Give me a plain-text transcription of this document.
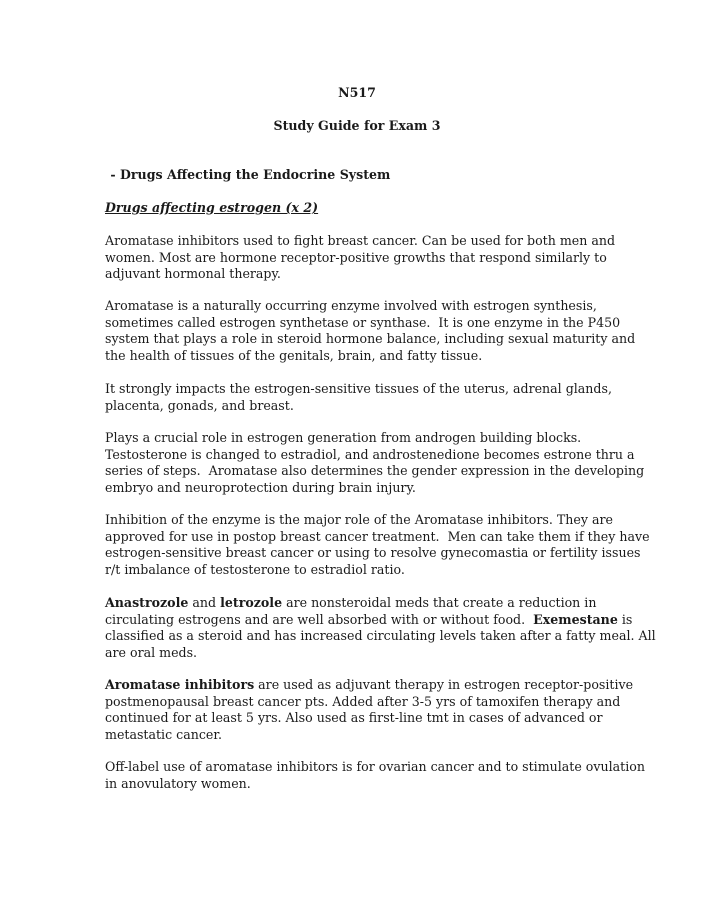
N517
Study Guide for Exam 3
- Drugs Affecting the Endocrine System
Drugs affecting estrogen (x 2)
Aromatase inhibitors used to fight breast cancer. Can be used for both men and
women. Most are hormone receptor-positive growths that respond similarly to
adjuvant hormonal therapy.
Aromatase is a naturally occurring enzyme involved with estrogen synthesis,
sometimes called estrogen synthetase or synthase.  It is one enzyme in the P450
system that plays a role in steroid hormone balance, including sexual maturity and
the health of tissues of the genitals, brain, and fatty tissue.
It strongly impacts the estrogen-sensitive tissues of the uterus, adrenal glands,
placenta, gonads, and breast.
Plays a crucial role in estrogen generation from androgen building blocks.
Testosterone is changed to estradiol, and androstenedione becomes estrone thru a
series of steps.  Aromatase also determines the gender expression in the developing
embryo and neuroprotection during brain injury.
Inhibition of the enzyme is the major role of the Aromatase inhibitors. They are
approved for use in postop breast cancer treatment.  Men can take them if they have
estrogen-sensitive breast cancer or using to resolve gynecomastia or fertility issues
r/t imbalance of testosterone to estradiol ratio.
Anastrozole and letrozole are nonsteroidal meds that create a reduction in
circulating estrogens and are well absorbed with or without food.  Exemestane is
classified as a steroid and has increased circulating levels taken after a fatty meal. All
are oral meds.
Aromatase inhibitors are used as adjuvant therapy in estrogen receptor-positive
postmenopausal breast cancer pts. Added after 3-5 yrs of tamoxifen therapy and
continued for at least 5 yrs. Also used as first-line tmt in cases of advanced or
metastatic cancer.
Off-label use of aromatase inhibitors is for ovarian cancer and to stimulate ovulation
in anovulatory women.
